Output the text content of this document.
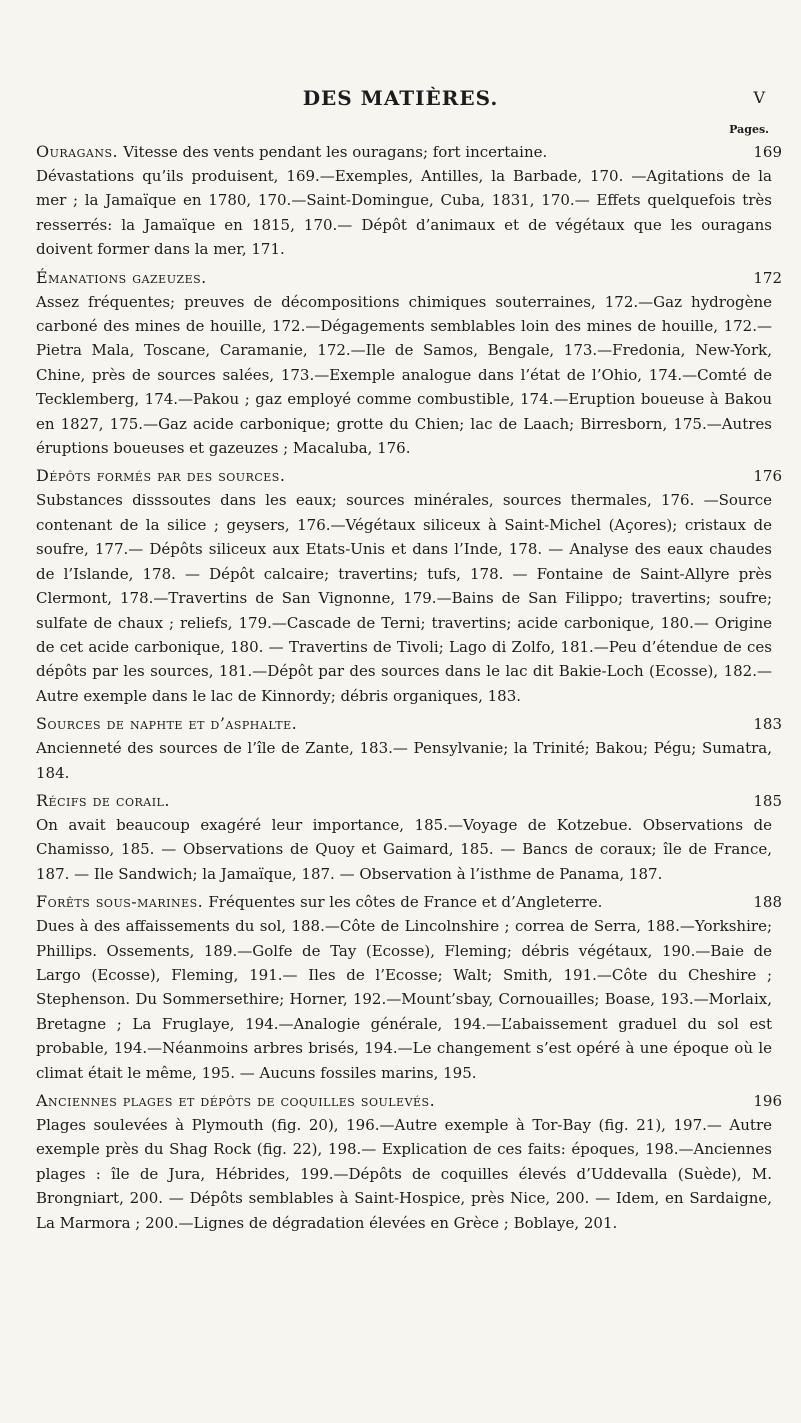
DES MATIÈRES.	V
Pages.
Ouragans. Vitesse des vents pendant les ouragans; fort incertaine.	169

Dévastations qu’ils produisent, 169.—Exemples, Antilles, la Barbade, 170. —Agitations de la mer ; la Jamaïque en 1780, 170.—Saint-Domingue, Cuba, 1831, 170.— Effets quelquefois très resserrés: la Jamaïque en 1815, 170.— Dépôt d’animaux et de végétaux que les ouragans doivent former dans la mer, 171.

Émanations gazeuzes.	172

Assez fréquentes; preuves de décompositions chimiques souterraines, 172.—Gaz hydrogène carboné des mines de houille, 172.—Dégagements semblables loin des mines de houille, 172.—Pietra Mala, Toscane, Caramanie, 172.—Ile de Samos, Bengale, 173.—Fredonia, New-York, Chine, près de sources salées, 173.—Exemple analogue dans l’état de l’Ohio, 174.—Comté de Tecklemberg, 174.—Pakou ; gaz employé comme combustible, 174.—Eruption boueuse à Bakou en 1827, 175.—Gaz acide carbonique; grotte du Chien; lac de Laach; Birresborn, 175.—Autres éruptions boueuses et gazeuzes ; Macaluba, 176.

Dépôts formés par des sources.	176

Substances disssoutes dans les eaux; sources minérales, sources thermales, 176. —Source contenant de la silice ; geysers, 176.—Végétaux siliceux à Saint-Michel (Açores); cristaux de soufre, 177.— Dépôts siliceux aux Etats-Unis et dans l’Inde, 178. — Analyse des eaux chaudes de l’Islande, 178. — Dépôt calcaire; travertins; tufs, 178. — Fontaine de Saint-Allyre près Clermont, 178.—Travertins de San Vignonne, 179.—Bains de San Filippo; travertins; soufre; sulfate de chaux ; reliefs, 179.—Cascade de Terni; travertins; acide carbonique, 180.— Origine de cet acide carbonique, 180. — Travertins de Tivoli; Lago di Zolfo, 181.—Peu d’étendue de ces dépôts par les sources, 181.—Dépôt par des sources dans le lac dit Bakie-Loch (Ecosse), 182.— Autre exemple dans le lac de Kinnordy; débris organiques, 183.

Sources de naphte et d’asphalte.	183

Ancienneté des sources de l’île de Zante, 183.— Pensylvanie; la Trinité; Bakou; Pégu; Sumatra, 184.

Récifs de corail.	185

On avait beaucoup exagéré leur importance, 185.—Voyage de Kotzebue. Observations de Chamisso, 185. — Observations de Quoy et Gaimard, 185. — Bancs de coraux; île de France, 187. — Ile Sandwich; la Jamaïque, 187. — Observation à l’isthme de Panama, 187.

Forêts sous-marines. Fréquentes sur les côtes de France et d’Angleterre.	188

Dues à des affaissements du sol, 188.—Côte de Lincolnshire ; correa de Serra, 188.—Yorkshire; Phillips. Ossements, 189.—Golfe de Tay (Ecosse), Fleming; débris végétaux, 190.—Baie de Largo (Ecosse), Fleming, 191.— Iles de l’Ecosse; Walt; Smith, 191.—Côte du Cheshire ; Stephenson. Du Sommersethire; Horner, 192.—Mount’sbay, Cornouailles; Boase, 193.—Morlaix, Bretagne ; La Fruglaye, 194.—Analogie générale, 194.—L’abaissement graduel du sol est probable, 194.—Néanmoins arbres brisés, 194.—Le changement s’est opéré à une époque où le climat était le même, 195. — Aucuns fossiles marins, 195.

Anciennes plages et dépôts de coquilles soulevés.	196

Plages soulevées à Plymouth (fig. 20), 196.—Autre exemple à Tor-Bay (fig. 21), 197.— Autre exemple près du Shag Rock (fig. 22), 198.— Explication de ces faits: époques, 198.—Anciennes plages : île de Jura, Hébrides, 199.—Dépôts de coquilles élevés d’Uddevalla (Suède), M. Brongniart, 200. — Dépôts semblables à Saint-Hospice, près Nice, 200. — Idem, en Sardaigne, La Marmora ; 200.—Lignes de dégradation élevées en Grèce ; Boblaye, 201.
